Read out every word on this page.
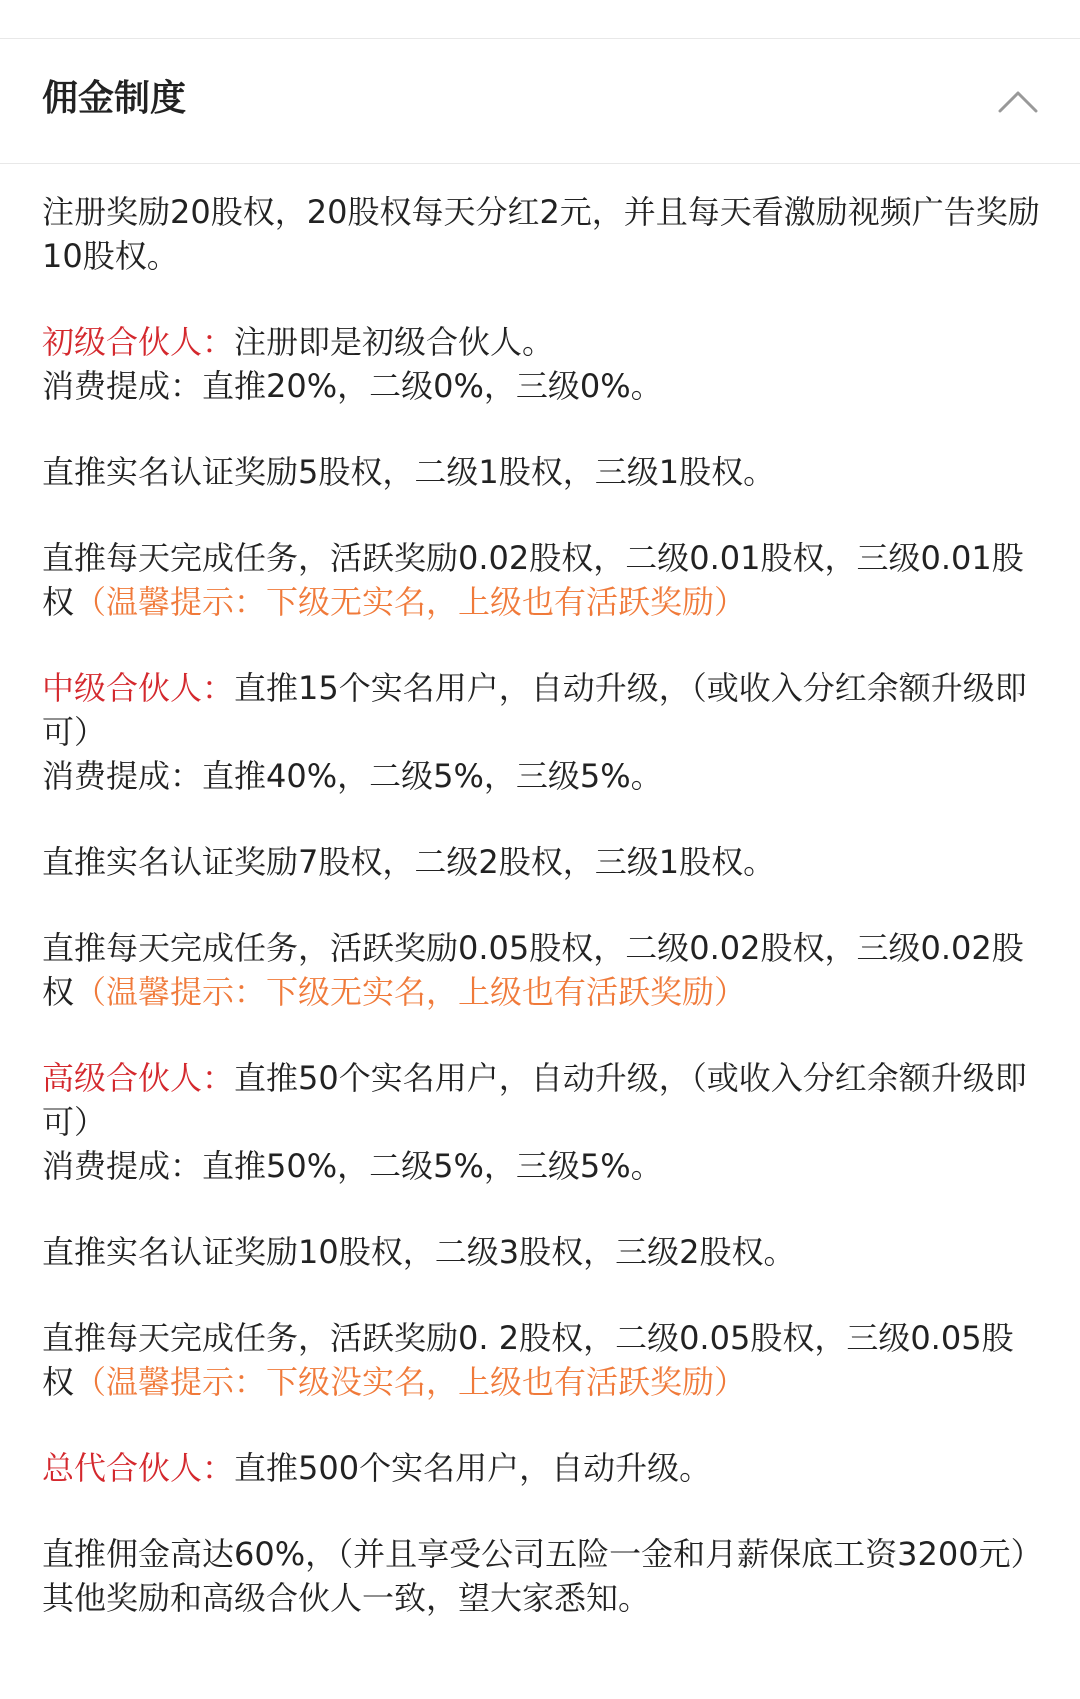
佣金制度

注册奖励20股权，20股权每天分红2元，并且每天看激励视频广告奖励10股权。

初级合伙人：注册即是初级合伙人。
消费提成：直推20%，二级0%，三级0%。

直推实名认证奖励5股权，二级1股权，三级1股权。

直推每天完成任务，活跃奖励0.02股权，二级0.01股权，三级0.01股权（温馨提示：下级无实名，上级也有活跃奖励）

中级合伙人：直推15个实名用户，自动升级，（或收入分红余额升级即可）
消费提成：直推40%，二级5%，三级5%。

直推实名认证奖励7股权，二级2股权，三级1股权。

直推每天完成任务，活跃奖励0.05股权，二级0.02股权，三级0.02股权（温馨提示：下级无实名，上级也有活跃奖励）

高级合伙人：直推50个实名用户，自动升级，（或收入分红余额升级即可）
消费提成：直推50%，二级5%，三级5%。

直推实名认证奖励10股权，二级3股权，三级2股权。

直推每天完成任务，活跃奖励0. 2股权，二级0.05股权，三级0.05股权（温馨提示：下级没实名，上级也有活跃奖励）

总代合伙人：直推500个实名用户，自动升级。

直推佣金高达60%，（并且享受公司五险一金和月薪保底工资3200元）其他奖励和高级合伙人一致，望大家悉知。
